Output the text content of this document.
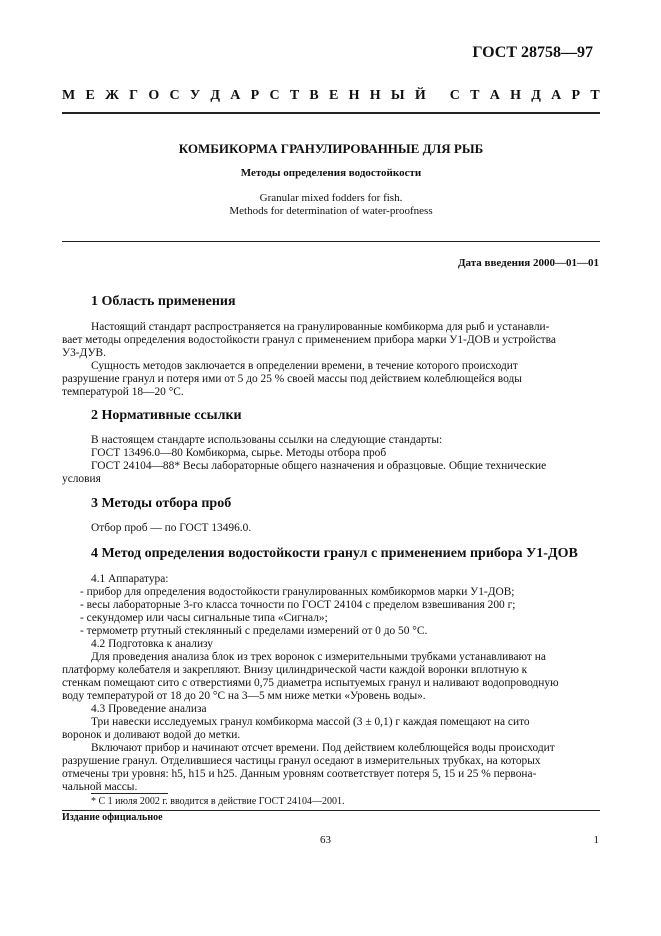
ГОСТ 28758—97
М Е Ж Г О С У Д А Р С Т В Е Н Н Ы Й
С Т А Н Д А Р Т
КОМБИКОРМА ГРАНУЛИРОВАННЫЕ ДЛЯ РЫБ
Методы определения водостойкости
Granular mixed fodders for fish.
Methods for determination of water-proofness
Дата введения 2000—01—01
1 Область применения
Настоящий стандарт распространяется на гранулированные комбикорма для рыб и устанавли-
вает методы определения водостойкости гранул с применением прибора марки У1-ДОВ и устройства
У3-ДУВ.
Сущность методов заключается в определении времени, в течение которого происходит
разрушение гранул и потеря ими от 5 до 25 % своей массы под действием колеблющейся воды
температурой 18—20 °С.
2 Нормативные ссылки
В настоящем стандарте использованы ссылки на следующие стандарты:
ГОСТ 13496.0—80 Комбикорма, сырье. Методы отбора проб
ГОСТ 24104—88* Весы лабораторные общего назначения и образцовые. Общие технические
условия
3 Методы отбора проб
Отбор проб — по ГОСТ 13496.0.
4 Метод определения водостойкости гранул с применением прибора У1-ДОВ
4.1 Аппаратура:
- прибор для определения водостойкости гранулированных комбикормов марки У1-ДОВ;
- весы лабораторные 3-го класса точности по ГОСТ 24104 с пределом взвешивания 200 г;
- секундомер или часы сигнальные типа «Сигнал»;
- термометр ртутный стеклянный с пределами измерений от 0 до 50 °С.
4.2 Подготовка к анализу
Для проведения анализа блок из трех воронок с измерительными трубками устанавливают на
платформу колебателя и закрепляют. Внизу цилиндрической части каждой воронки вплотную к
стенкам помещают сито с отверстиями 0,75 диаметра испытуемых гранул и наливают водопроводную
воду температурой от 18 до 20 °С на 3—5 мм ниже метки «Уровень воды».
4.3 Проведение анализа
Три навески исследуемых гранул комбикорма массой (3 ± 0,1) г каждая помещают на сито
воронок и доливают водой до метки.
Включают прибор и начинают отсчет времени. Под действием колеблющейся воды происходит
разрушение гранул. Отделившиеся частицы гранул оседают в измерительных трубках, на которых
отмечены три уровня: h5, h15 и h25. Данным уровням соответствует потеря 5, 15 и 25 % первона-
чальной массы.
* С 1 июля 2002 г. вводится в действие ГОСТ 24104—2001.
Издание официальное
63	1
